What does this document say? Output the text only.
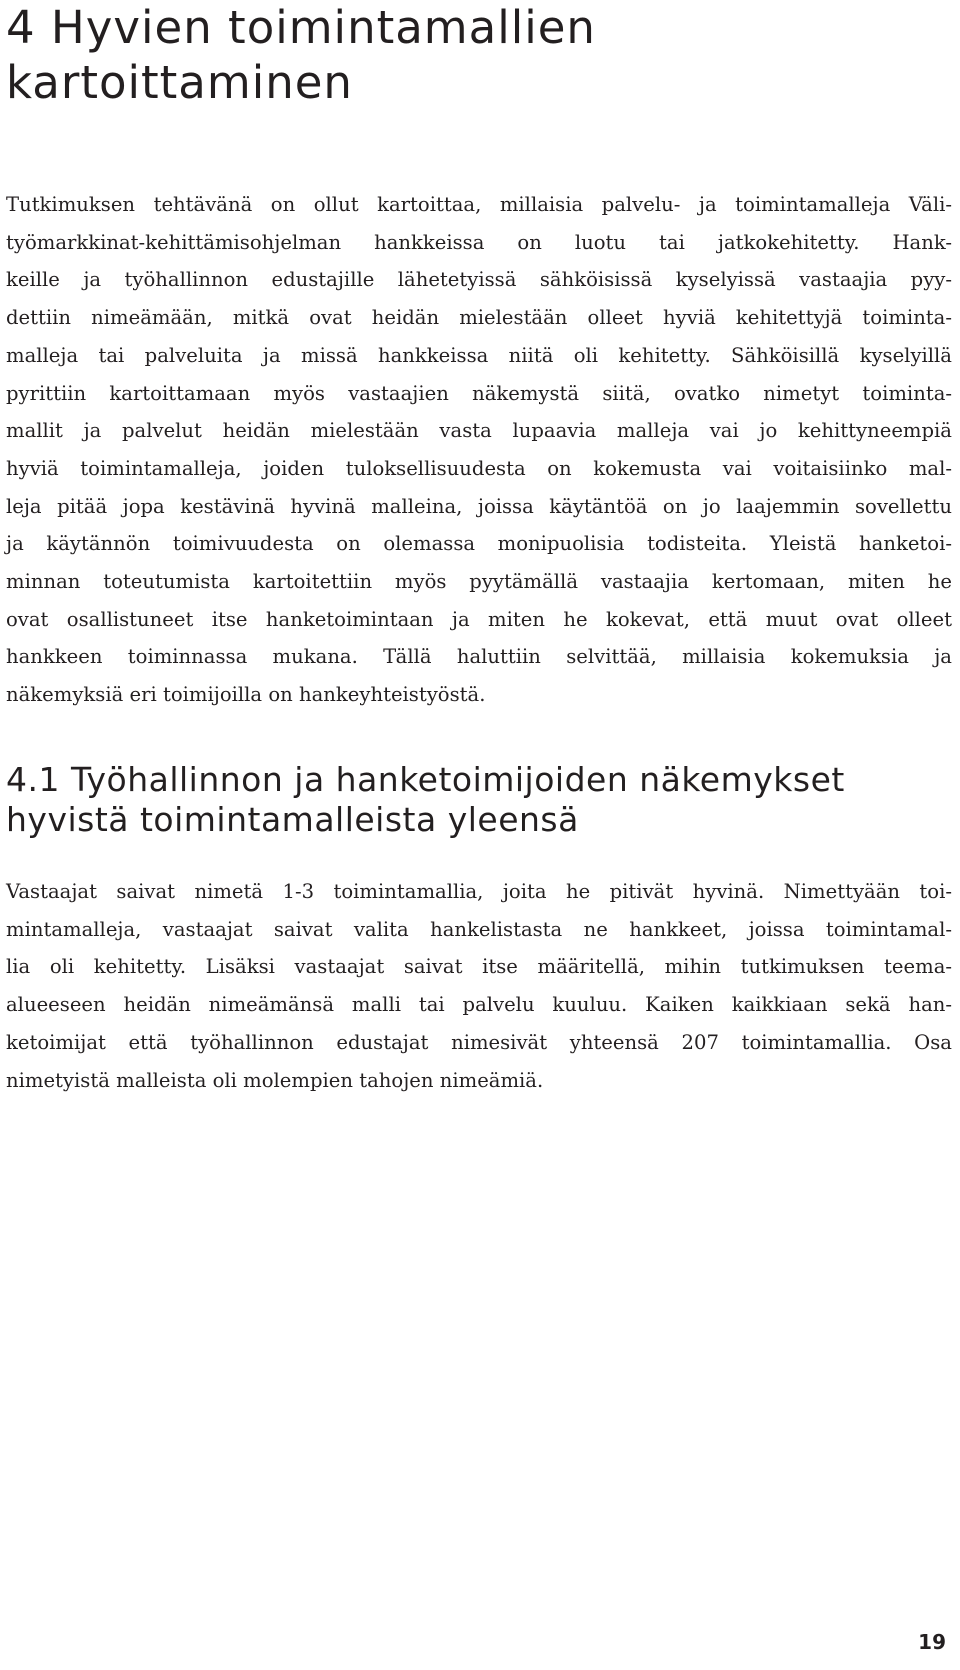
4 Hyvien toimintamallien kartoittaminen
Tutkimuksen tehtävänä on ollut kartoittaa, millaisia palvelu- ja toimintamalleja Väli-
työmarkkinat-kehittämisohjelman hankkeissa on luotu tai jatkokehitetty. Hank-
keille ja työhallinnon edustajille lähetetyissä sähköisissä kyselyissä vastaajia pyy-
dettiin nimeämään, mitkä ovat heidän mielestään olleet hyviä kehitettyjä toiminta-
malleja tai palveluita ja missä hankkeissa niitä oli kehitetty. Sähköisillä kyselyillä
pyrittiin kartoittamaan myös vastaajien näkemystä siitä, ovatko nimetyt toiminta-
mallit ja palvelut heidän mielestään vasta lupaavia malleja vai jo kehittyneempiä
hyviä toimintamalleja, joiden tuloksellisuudesta on kokemusta vai voitaisiinko mal-
leja pitää jopa kestävinä hyvinä malleina, joissa käytäntöä on jo laajemmin sovellettu
ja käytännön toimivuudesta on olemassa monipuolisia todisteita. Yleistä hanketoi-
minnan toteutumista kartoitettiin myös pyytämällä vastaajia kertomaan, miten he
ovat osallistuneet itse hanketoimintaan ja miten he kokevat, että muut ovat olleet
hankkeen toiminnassa mukana. Tällä haluttiin selvittää, millaisia kokemuksia ja
näkemyksiä eri toimijoilla on hankeyhteistyöstä.
4.1 Työhallinnon ja hanketoimijoiden näkemykset hyvistä toimintamalleista yleensä
Vastaajat saivat nimetä 1-3 toimintamallia, joita he pitivät hyvinä. Nimettyään toi-
mintamalleja, vastaajat saivat valita hankelistasta ne hankkeet, joissa toimintamal-
lia oli kehitetty. Lisäksi vastaajat saivat itse määritellä, mihin tutkimuksen teema-
alueeseen heidän nimeämänsä malli tai palvelu kuuluu. Kaiken kaikkiaan sekä han-
ketoimijat että työhallinnon edustajat nimesivät yhteensä 207 toimintamallia. Osa
nimetyistä malleista oli molempien tahojen nimeämiä.
19
